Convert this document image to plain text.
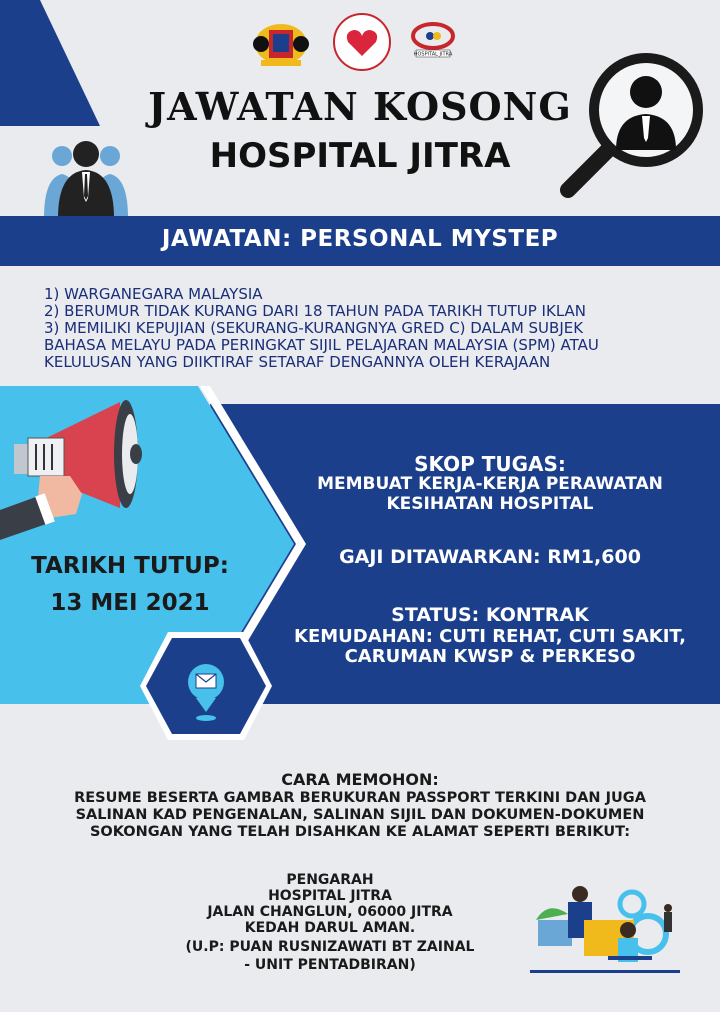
HOSPITAL JITRA
JAWATAN KOSONG
HOSPITAL JITRA
JAWATAN: PERSONAL MYSTEP
1) WARGANEGARA MALAYSIA
2) BERUMUR TIDAK KURANG DARI 18 TAHUN PADA TARIKH TUTUP IKLAN
3) MEMILIKI KEPUJIAN (SEKURANG-KURANGNYA GRED C) DALAM SUBJEK
BAHASA MELAYU PADA PERINGKAT SIJIL PELAJARAN MALAYSIA (SPM) ATAU
KELULUSAN YANG DIIKTIRAF SETARAF DENGANNYA OLEH KERAJAAN
TARIKH TUTUP:
13 MEI 2021
SKOP TUGAS:
MEMBUAT KERJA-KERJA PERAWATAN
KESIHATAN HOSPITAL
GAJI DITAWARKAN: RM1,600
STATUS: KONTRAK
KEMUDAHAN: CUTI REHAT, CUTI SAKIT,
CARUMAN KWSP & PERKESO
CARA MEMOHON:
RESUME BESERTA GAMBAR BERUKURAN PASSPORT TERKINI DAN JUGA
SALINAN KAD PENGENALAN, SALINAN SIJIL DAN DOKUMEN-DOKUMEN
SOKONGAN YANG TELAH DISAHKAN KE ALAMAT SEPERTI BERIKUT:
PENGARAH
HOSPITAL JITRA
JALAN CHANGLUN, 06000 JITRA
KEDAH DARUL AMAN.
(U.P: PUAN RUSNIZAWATI BT ZAINAL
- UNIT PENTADBIRAN)
